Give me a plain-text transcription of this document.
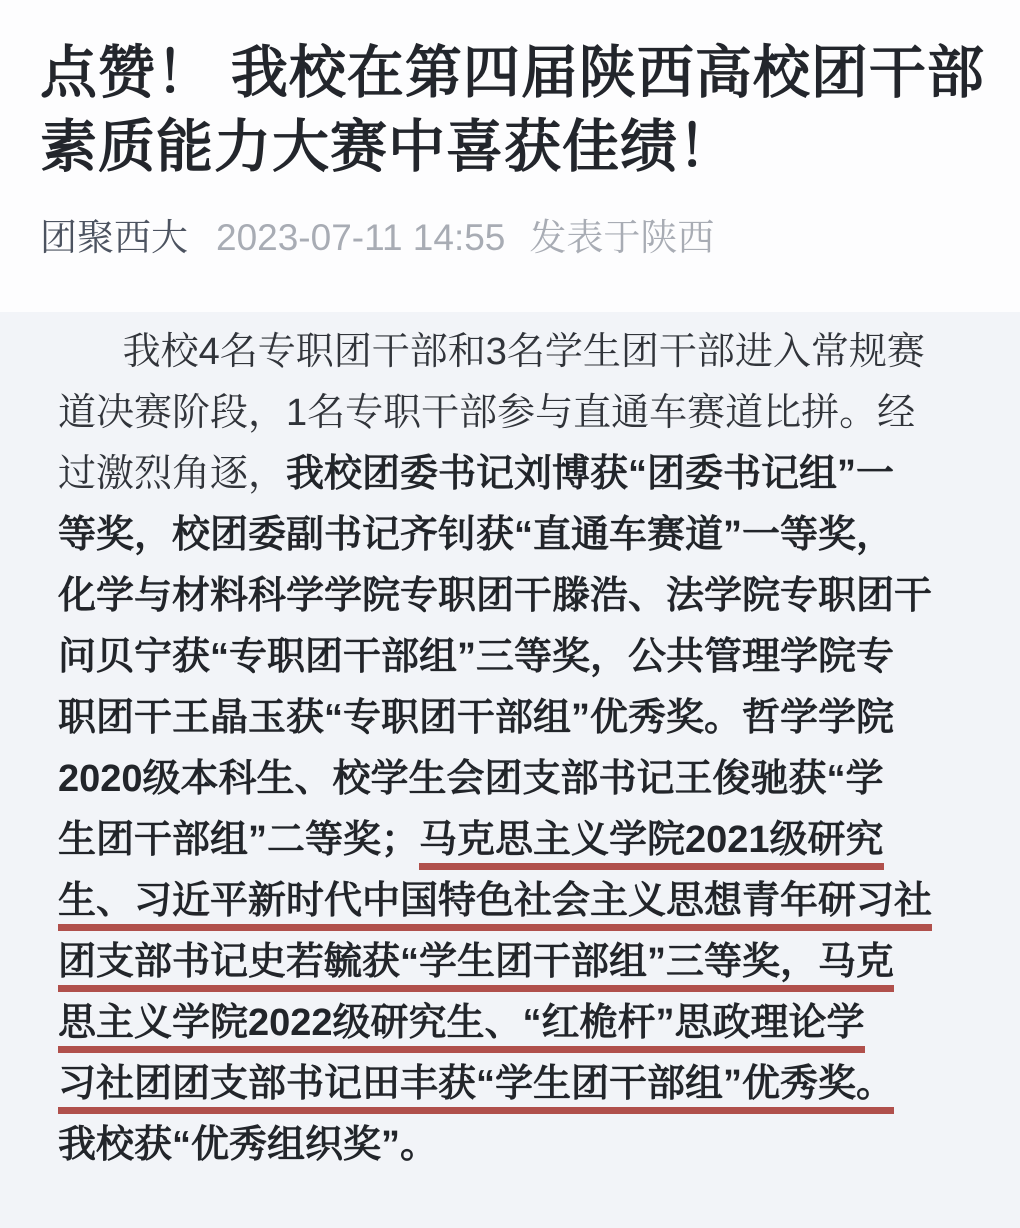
点赞！ 我校在第四届陕西高校团干部
素质能力大赛中喜获佳绩！
团聚西大 2023-07-11 14:55 发表于陕西
我校4名专职团干部和3名学生团干部进入常规赛
道决赛阶段，1名专职干部参与直通车赛道比拼。经
过激烈角逐，我校团委书记刘博获“团委书记组”一
等奖，校团委副书记齐钊获“直通车赛道”一等奖，
化学与材料科学学院专职团干滕浩、法学院专职团干
问贝宁获“专职团干部组”三等奖，公共管理学院专
职团干王晶玉获“专职团干部组”优秀奖。哲学学院
2020级本科生、校学生会团支部书记王俊驰获“学
生团干部组”二等奖；马克思主义学院2021级研究
生、习近平新时代中国特色社会主义思想青年研习社
团支部书记史若毓获“学生团干部组”三等奖，马克
思主义学院2022级研究生、“红桅杆”思政理论学
习社团团支部书记田丰获“学生团干部组”优秀奖。
我校获“优秀组织奖”。
